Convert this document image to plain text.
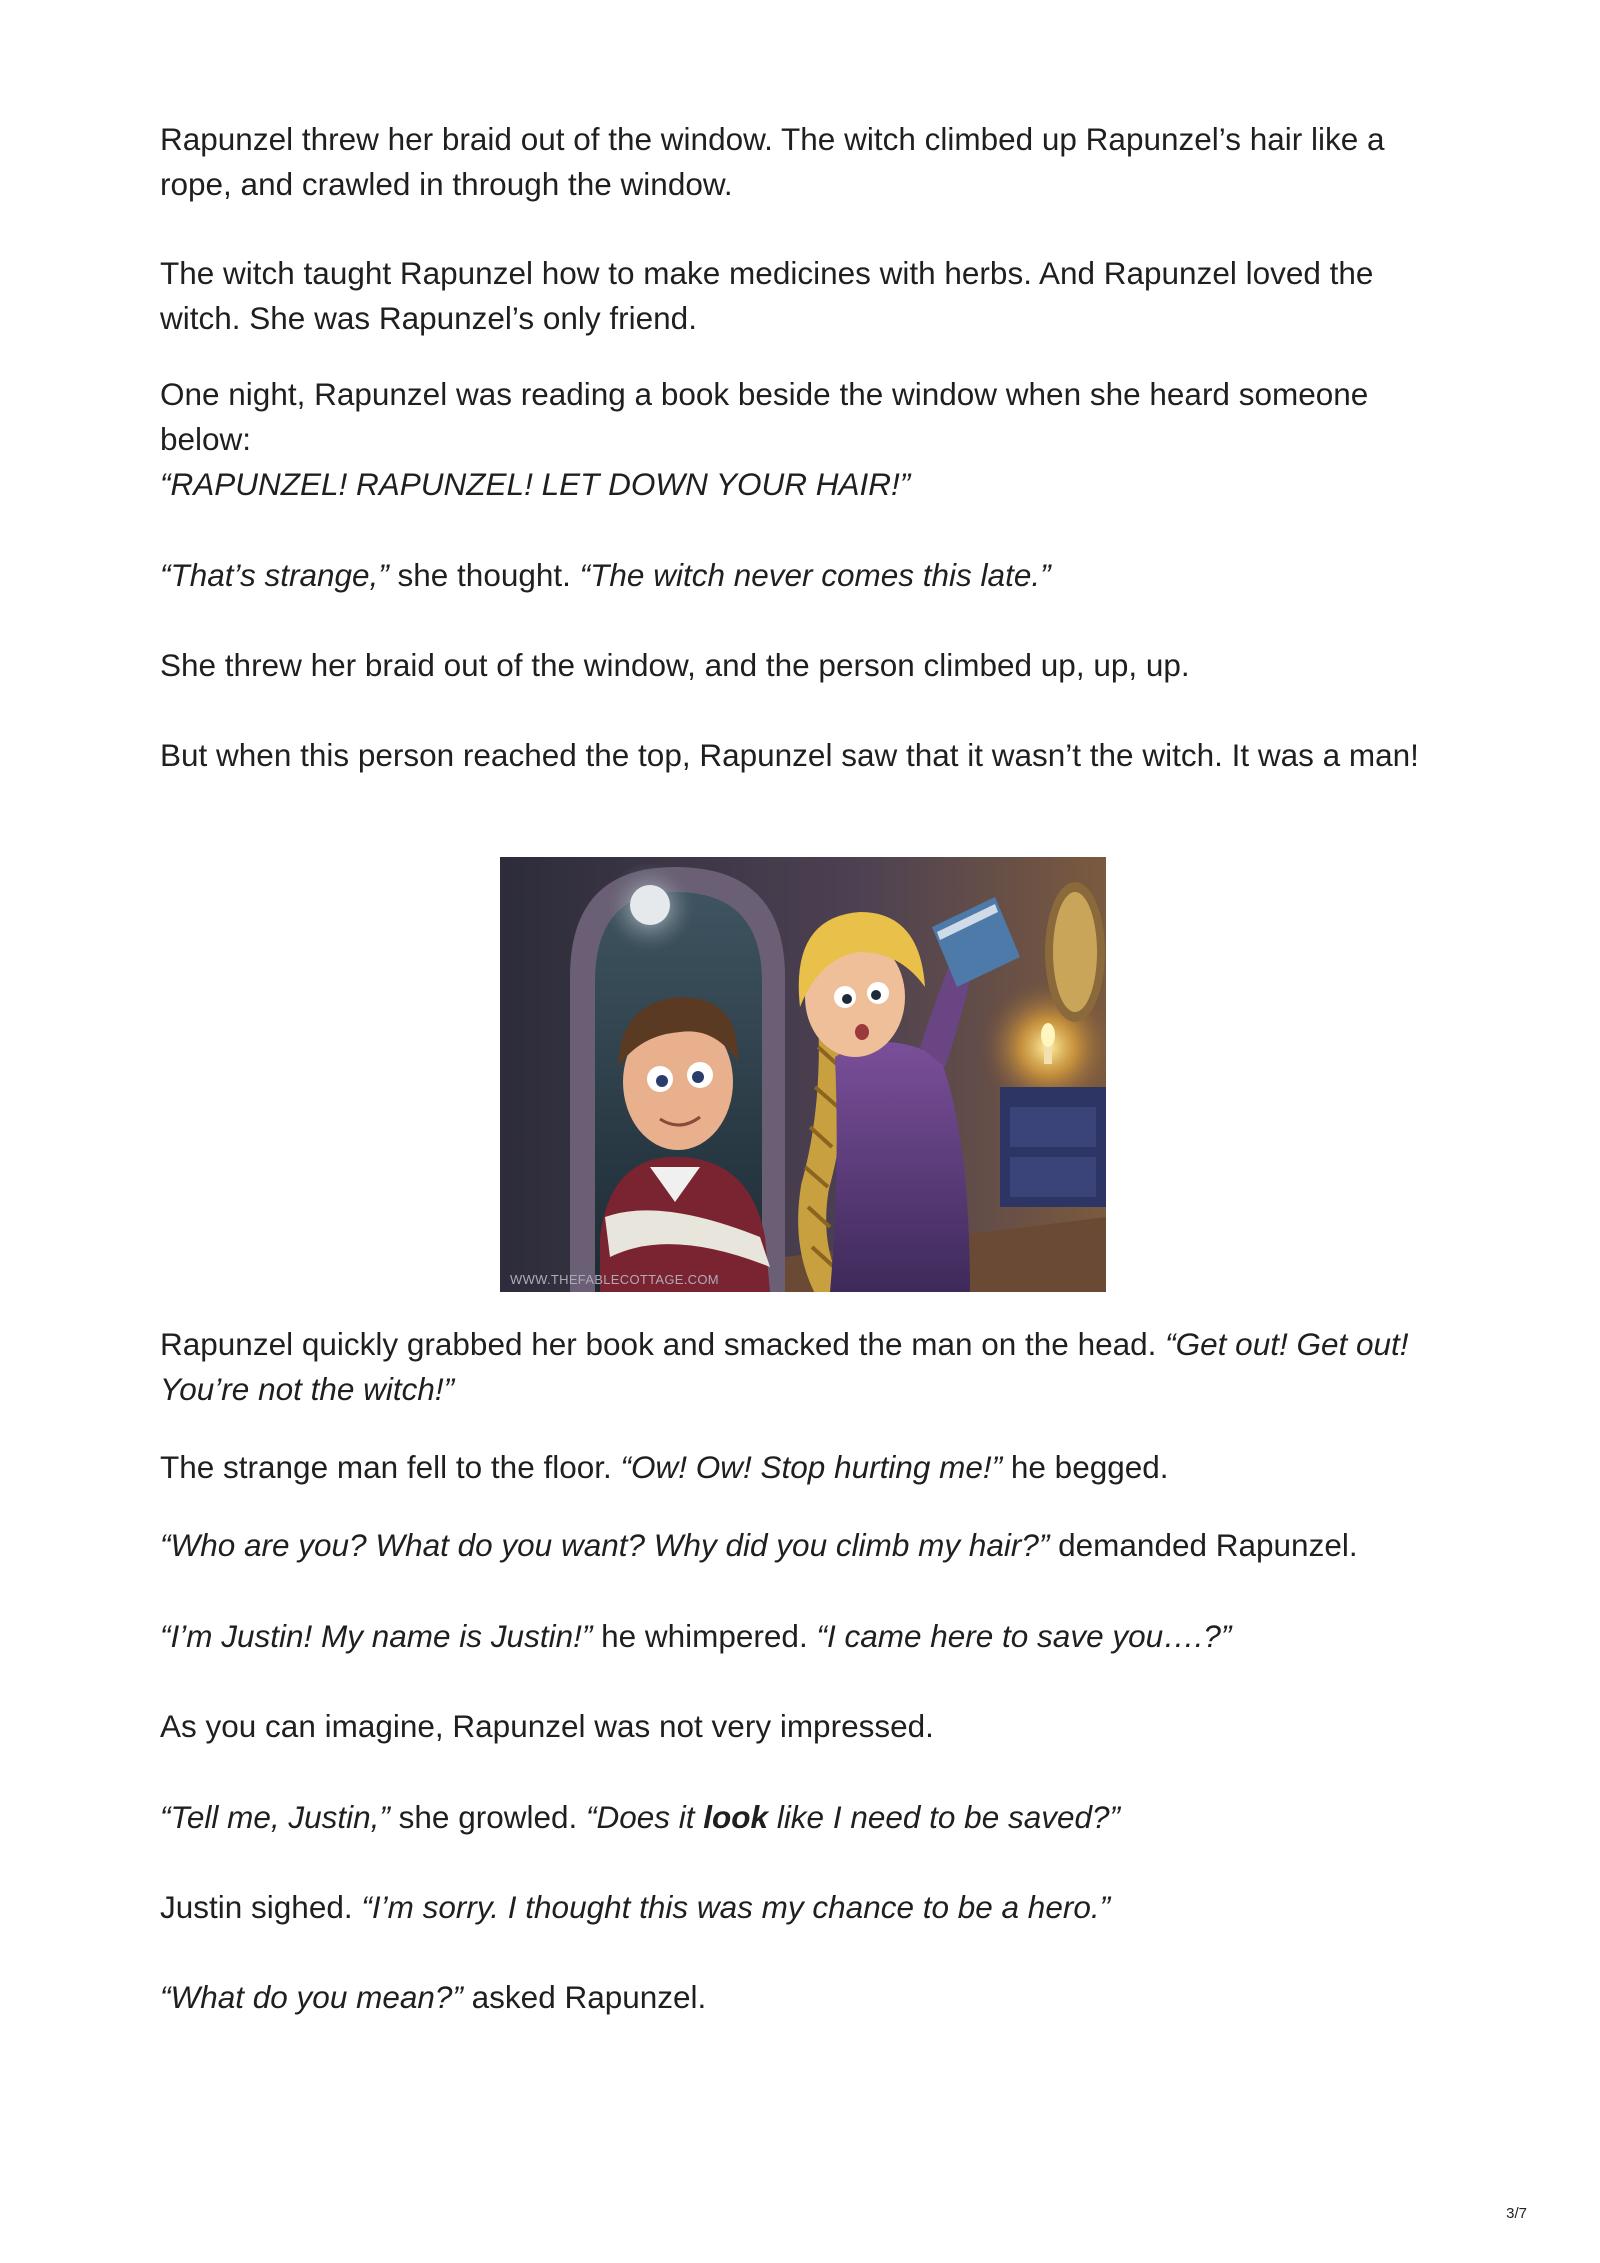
Rapunzel threw her braid out of the window. The witch climbed up Rapunzel’s hair like a rope, and crawled in through the window.

The witch taught Rapunzel how to make medicines with herbs. And Rapunzel loved the witch. She was Rapunzel’s only friend.

One night, Rapunzel was reading a book beside the window when she heard someone below:

“RAPUNZEL! RAPUNZEL! LET DOWN YOUR HAIR!”

“That’s strange,” she thought. “The witch never comes this late.”

She threw her braid out of the window, and the person climbed up, up, up.

But when this person reached the top, Rapunzel saw that it wasn’t the witch. It was a man!

WWW.THEFABLECOTTAGE.COM

Rapunzel quickly grabbed her book and smacked the man on the head. “Get out! Get out! You’re not the witch!”

The strange man fell to the floor. “Ow! Ow! Stop hurting me!” he begged.

“Who are you? What do you want? Why did you climb my hair?” demanded Rapunzel.

“I’m Justin! My name is Justin!” he whimpered. “I came here to save you….?”

As you can imagine, Rapunzel was not very impressed.

“Tell me, Justin,” she growled. “Does it look like I need to be saved?”

Justin sighed. “I’m sorry. I thought this was my chance to be a hero.”

“What do you mean?” asked Rapunzel.

3/7
